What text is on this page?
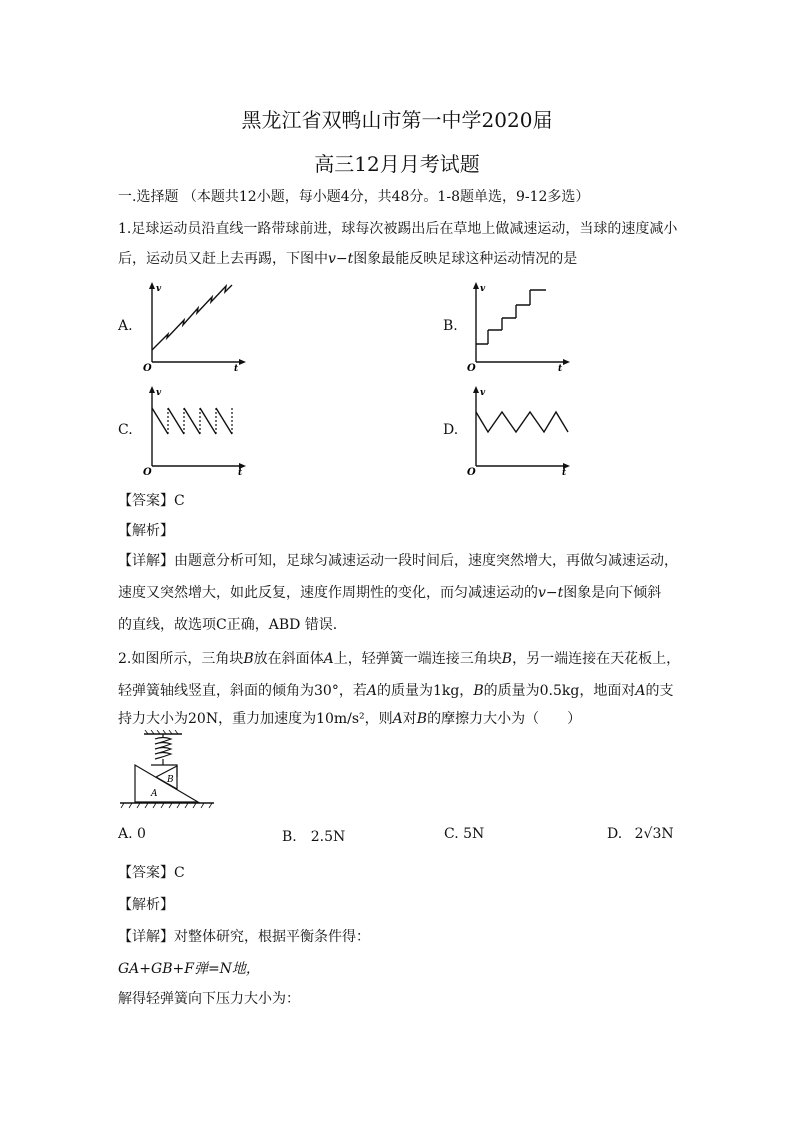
黑龙江省双鸭山市第一中学2020届
高三12月月考试题
一.选择题 （本题共12小题，每小题4分，共48分。1-8题单选，9-12多选）
1.足球运动员沿直线一路带球前进，球每次被踢出后在草地上做减速运动，当球的速度减小
后，运动员又赶上去再踢，下图中v−t图象最能反映足球这种运动情况的是
A.	B.
C.	D.
v
t
O
v
t
O
v
t
O
v
t
O
【答案】C
【解析】
【详解】由题意分析可知，足球匀减速运动一段时间后，速度突然增大，再做匀减速运动，
速度又突然增大，如此反复，速度作周期性的变化，而匀减速运动的v−t图象是向下倾斜
的直线，故选项C正确，ABD 错误.
2.如图所示，三角块B放在斜面体A上，轻弹簧一端连接三角块B，另一端连接在天花板上，
轻弹簧轴线竖直，斜面的倾角为30°，若A的质量为1kg，B的质量为0.5kg，地面对A的支
持力大小为20N，重力加速度为10m/s²，则A对B的摩擦力大小为（　　）
B
A
A. 0	B.　2.5N	C. 5N	D. 2√3N
【答案】C
【解析】
【详解】对整体研究，根据平衡条件得：
GA+GB+F弹=N地，
解得轻弹簧向下压力大小为：
